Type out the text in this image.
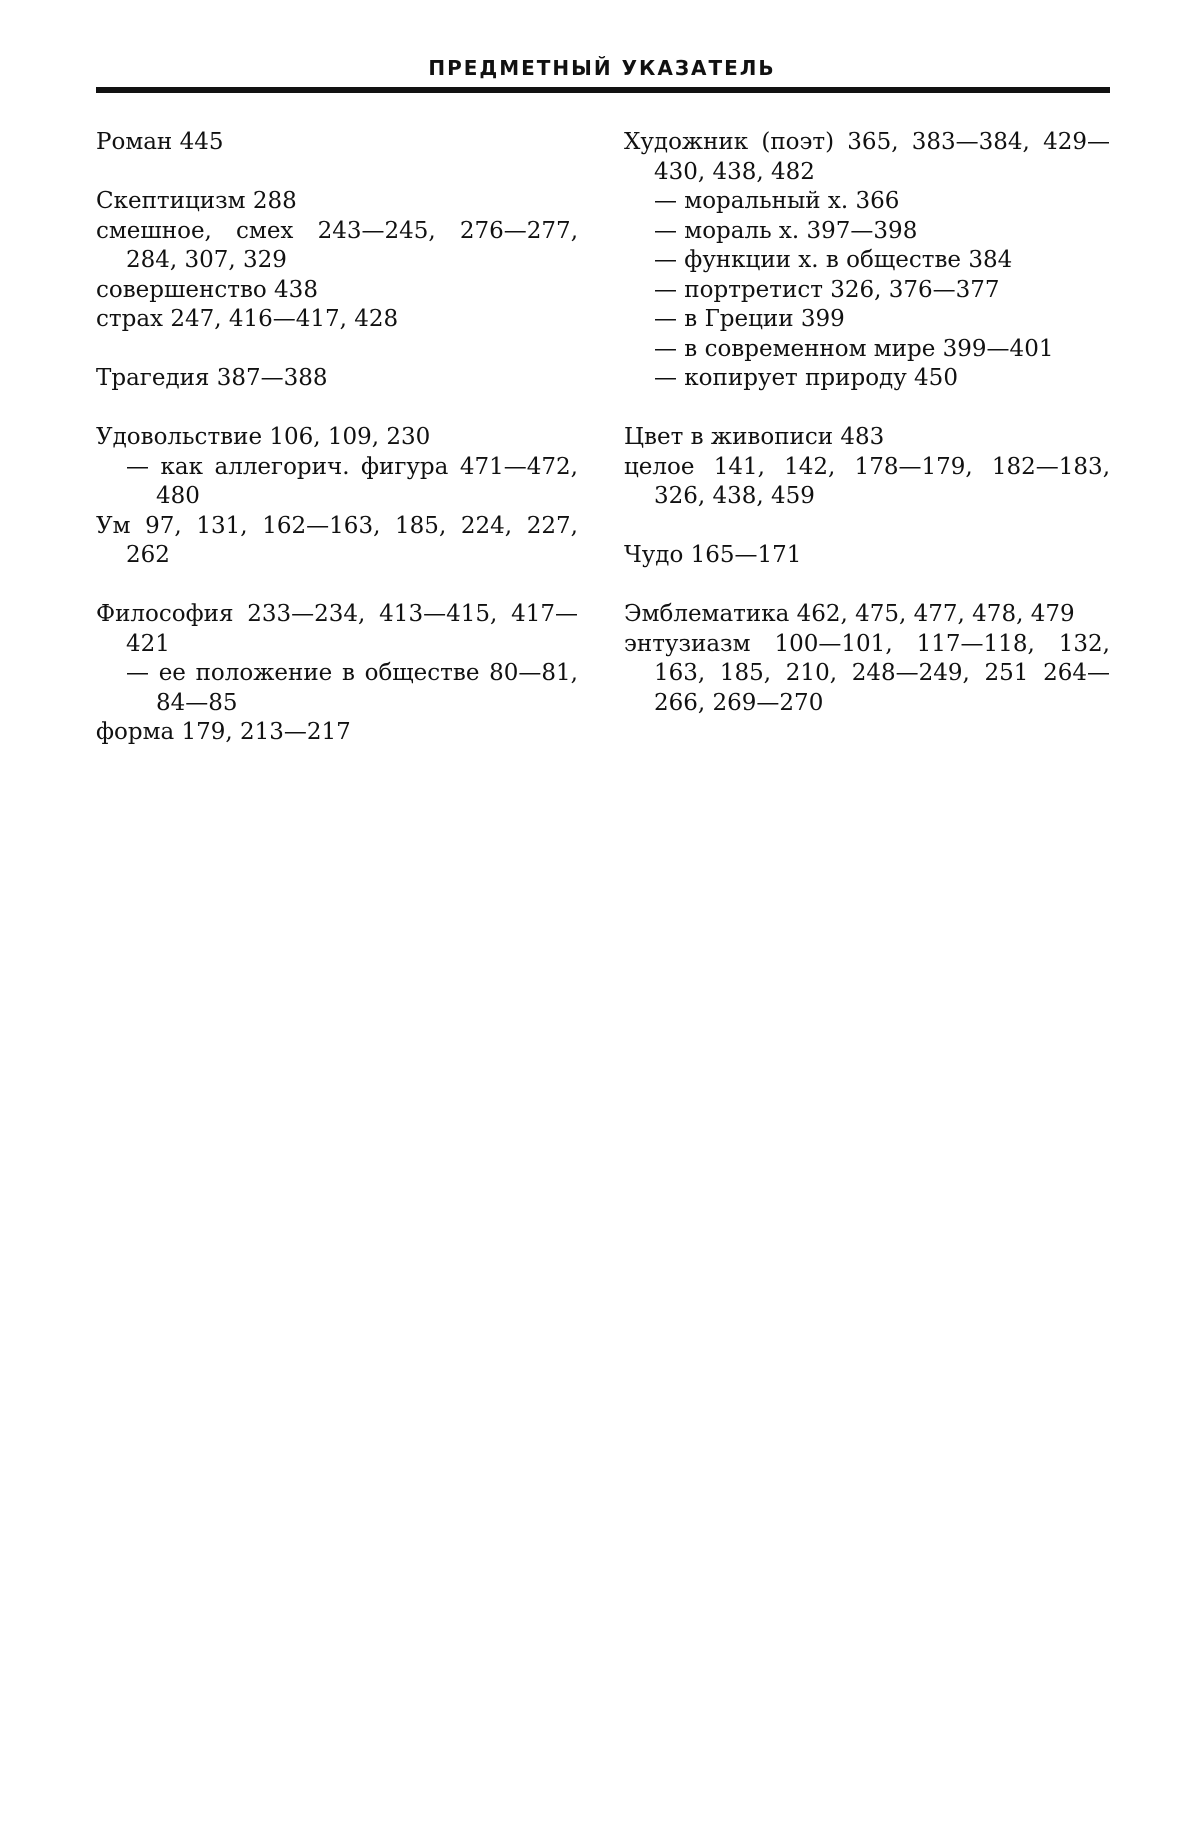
ПРЕДМЕТНЫЙ УКАЗАТЕЛЬ
Роман 445
Скептицизм 288
смешное, смех 243—245, 276—277, 284, 307, 329
совершенство 438
страх 247, 416—417, 428
Трагедия 387—388
Удовольствие 106, 109, 230
— как аллегорич. фигура 471—472, 480
Ум 97, 131, 162—163, 185, 224, 227, 262
Философия 233—234, 413—415, 417—421
— ее положение в обществе 80—81, 84—85
форма 179, 213—217
Художник (поэт) 365, 383—384, 429—430, 438, 482
— моральный х. 366
— мораль х. 397—398
— функции х. в обществе 384
— портретист 326, 376—377
— в Греции 399
— в современном мире 399—401
— копирует природу 450
Цвет в живописи 483
целое 141, 142, 178—179, 182—183, 326, 438, 459
Чудо 165—171
Эмблематика 462, 475, 477, 478, 479
энтузиазм 100—101, 117—118, 132, 163, 185, 210, 248—249, 251 264—266, 269—270
